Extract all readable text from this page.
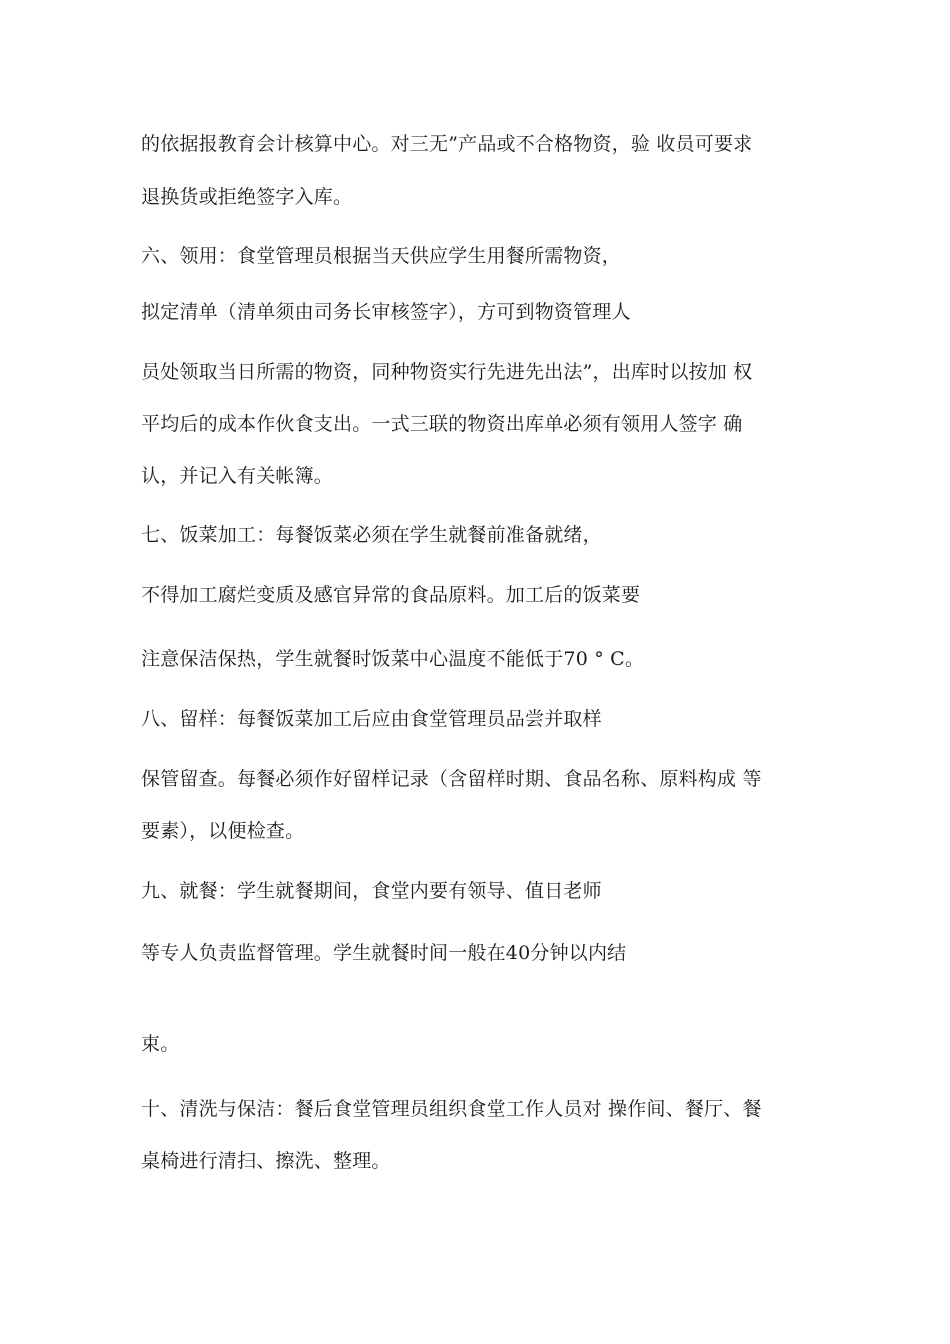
的依据报教育会计核算中心。对三无”产品或不合格物资，验 收员可要求
退换货或拒绝签字入库。
六、领用：食堂管理员根据当天供应学生用餐所需物资，
拟定清单（清单须由司务长审核签字），方可到物资管理人
员处领取当日所需的物资，同种物资实行先进先出法”，出库时以按加 权
平均后的成本作伙食支出。一式三联的物资出库单必须有领用人签字 确
认，并记入有关帐簿。
七、饭菜加工：每餐饭菜必须在学生就餐前准备就绪，
不得加工腐烂变质及感官异常的食品原料。加工后的饭菜要
注意保洁保热，学生就餐时饭菜中心温度不能低于70 ° C。
八、留样：每餐饭菜加工后应由食堂管理员品尝并取样
保管留查。每餐必须作好留样记录（含留样时期、食品名称、原料构成 等
要素），以便检查。
九、就餐：学生就餐期间，食堂内要有领导、值日老师
等专人负责监督管理。学生就餐时间一般在40分钟以内结
束。
十、清洗与保洁：餐后食堂管理员组织食堂工作人员对 操作间、餐厅、餐
桌椅进行清扫、擦洗、整理。
